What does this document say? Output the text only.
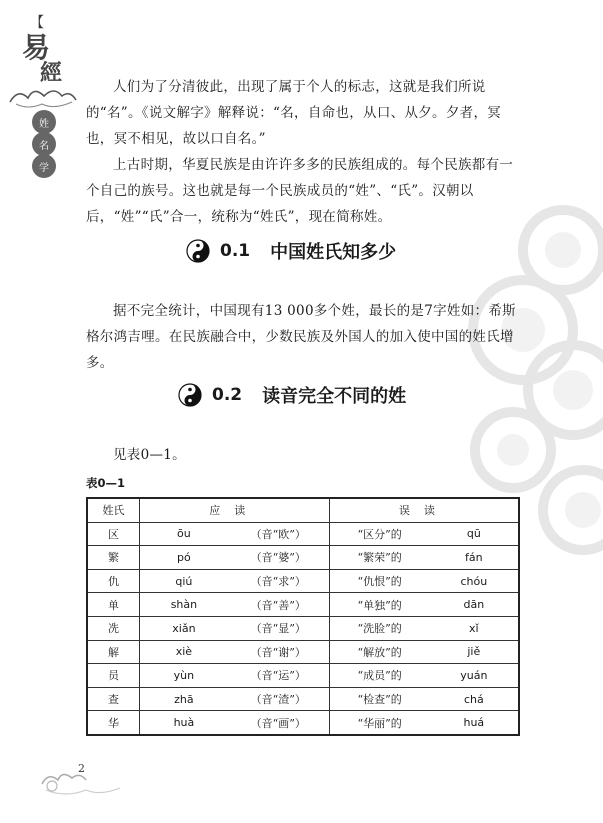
【
易
經
姓
名
学

人们为了分清彼此，出现了属于个人的标志，这就是我们所说的“名”。《说文解字》解释说：“名，自命也，从口、从夕。夕者，冥也，冥不相见，故以口自名。”

上古时期，华夏民族是由许许多多的民族组成的。每个民族都有一个自己的族号。这也就是每一个民族成员的“姓”、“氏”。汉朝以后，“姓”“氏”合一，统称为“姓氏”，现在简称姓。

0.1 中国姓氏知多少

据不完全统计，中国现有13 000多个姓，最长的是7字姓如：希斯格尔鸿吉哩。在民族融合中，少数民族及外国人的加入使中国的姓氏增多。

0.2 读音完全不同的姓

见表0—1。

表0—1
姓氏	应读	误读

区	ōu （音“欧”）	“区分”的 qū

繁	pó （音“婆”）	“繁荣”的 fán

仇	qiú （音“求”）	“仇恨”的 chóu

单	shàn （音“善”）	“单独”的 dān

冼	xiǎn （音“显”）	“洗脸”的 xǐ

解	xiè （音“谢”）	“解放”的 jiě

员	yùn （音“运”）	“成员”的 yuán

查	zhā （音“渣”）	“检查”的 chá

华	huà （音“画”）	“华丽”的 huá
2
